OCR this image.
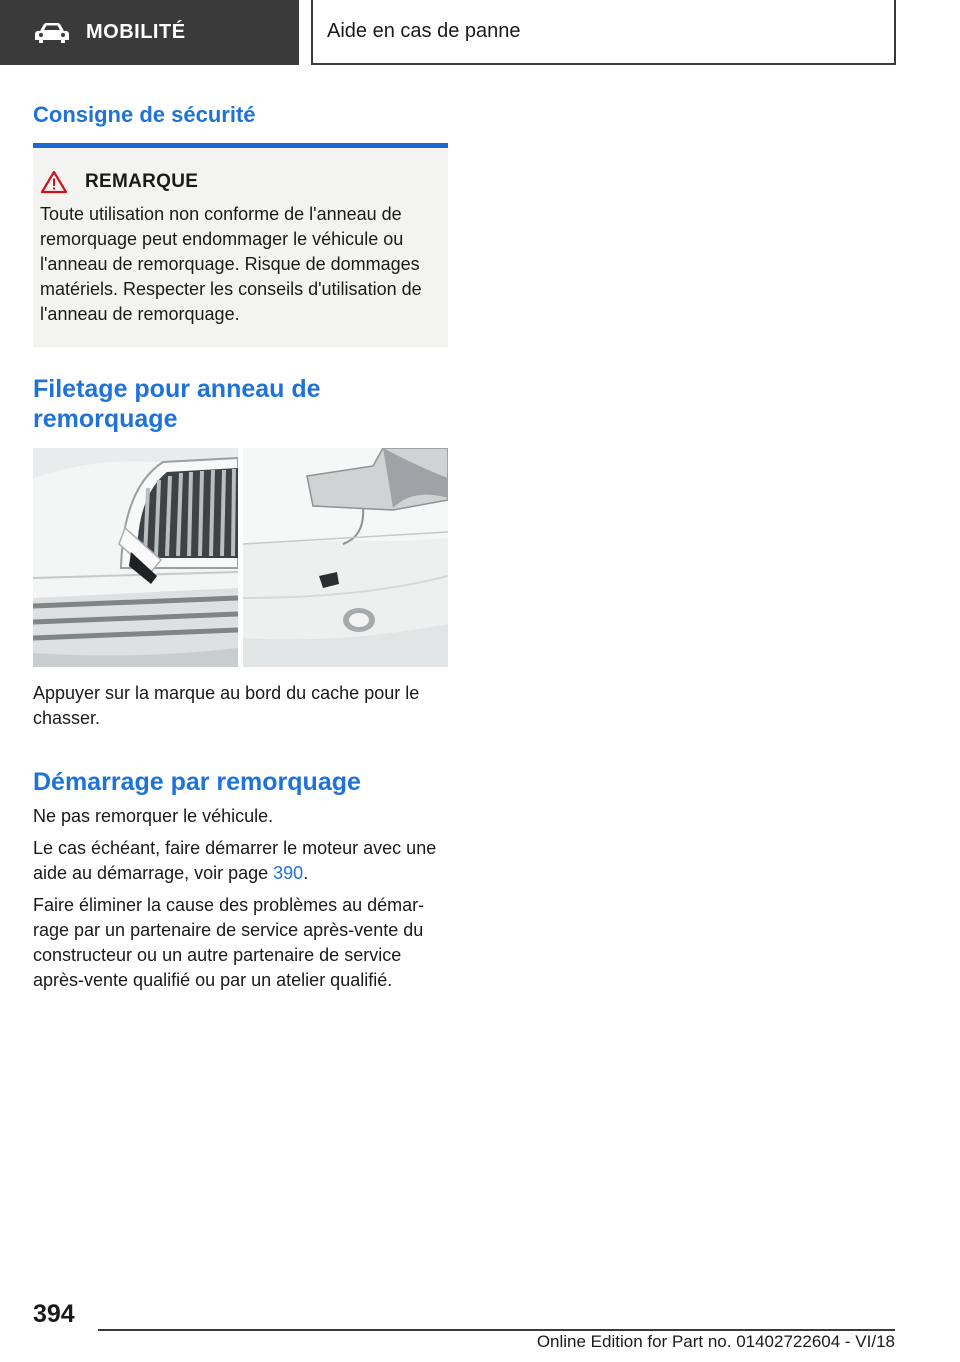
MOBILITÉ	Aide en cas de panne
Consigne de sécurité
REMARQUE
Toute utilisation non conforme de l'anneau de remorquage peut endommager le véhicule ou l'anneau de remorquage. Risque de dommages matériels. Respecter les conseils d'utilisation de l'anneau de remorquage.
Filetage pour anneau de remorquage
Appuyer sur la marque au bord du cache pour le chasser.
Démarrage par remorquage
Ne pas remorquer le véhicule.
Le cas échéant, faire démarrer le moteur avec une aide au démarrage, voir page 390.
Faire éliminer la cause des problèmes au démar-rage par un partenaire de service après-vente du constructeur ou un autre partenaire de service après-vente qualifié ou par un atelier qualifié.
394
Online Edition for Part no. 01402722604 - VI/18
